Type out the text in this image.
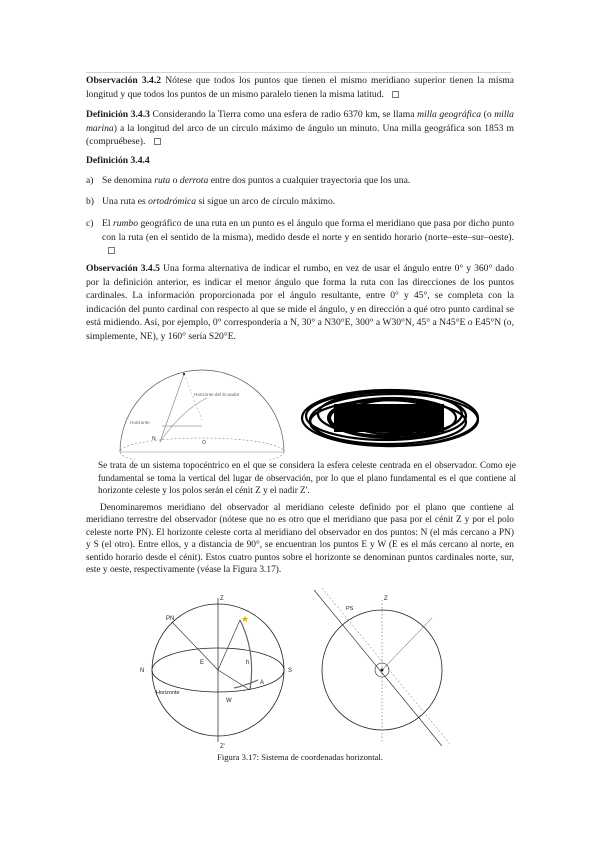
Observación 3.4.2 Nótese que todos los puntos que tienen el mismo meridiano superior tienen la misma longitud y que todos los puntos de un mismo paralelo tienen la misma latitud.
Definición 3.4.3 Considerando la Tierra como una esfera de radio 6370 km, se llama milla geográfica (o milla marina) a la longitud del arco de un círculo máximo de ángulo un minuto. Una milla geográfica son 1853 m (compruébese).
Definición 3.4.4
a) Se denomina ruta o derrota entre dos puntos a cualquier trayectoria que los una.
b) Una ruta es ortodrómica si sigue un arco de círculo máximo.
c) El rumbo geográfico de una ruta en un punto es el ángulo que forma el meridiano que pasa por dicho punto con la ruta (en el sentido de la misma), medido desde el norte y en sentido horario (norte–este–sur–oeste).
Observación 3.4.5 Una forma alternativa de indicar el rumbo, en vez de usar el ángulo entre 0° y 360° dado por la definición anterior, es indicar el menor ángulo que forma la ruta con las direcciones de los puntos cardinales. La información proporcionada por el ángulo resultante, entre 0° y 45°, se completa con la indicación del punto cardinal con respecto al que se mide el ángulo, y en dirección a qué otro punto cardinal se está midiendo. Así, por ejemplo, 0° correspondería a N, 30° a N30°E, 300° a W30°N, 45° a N45°E o E45°N (o, simplemente, NE), y 160° sería S20°E.
Horizonte del Ecuador
Horizonte
N
O
Se trata de un sistema topocéntrico en el que se considera la esfera celeste centrada en el observador. Como eje fundamental se toma la vertical del lugar de observación, por lo que el plano fundamental es el que contiene al horizonte celeste y los polos serán el cénit Z y el nadir Z'.
Denominaremos meridiano del observador al meridiano celeste definido por el plano que contiene al meridiano terrestre del observador (nótese que no es otro que el meridiano que pasa por el cénit Z y por el polo celeste norte PN). El horizonte celeste corta al meridiano del observador en dos puntos: N (el más cercano a PN) y S (el otro). Entre ellos, y a distancia de 90°, se encuentran los puntos E y W (E es el más cercano al norte, en sentido horario desde el cénit). Estos cuatro puntos sobre el horizonte se denominan puntos cardinales norte, sur, este y oeste, respectivamente (véase la Figura 3.17).
★
Z
Z'
PN
N	S
E
W
h
A
Horizonte
Z
PS
Figura 3.17: Sistema de coordenadas horizontal.
